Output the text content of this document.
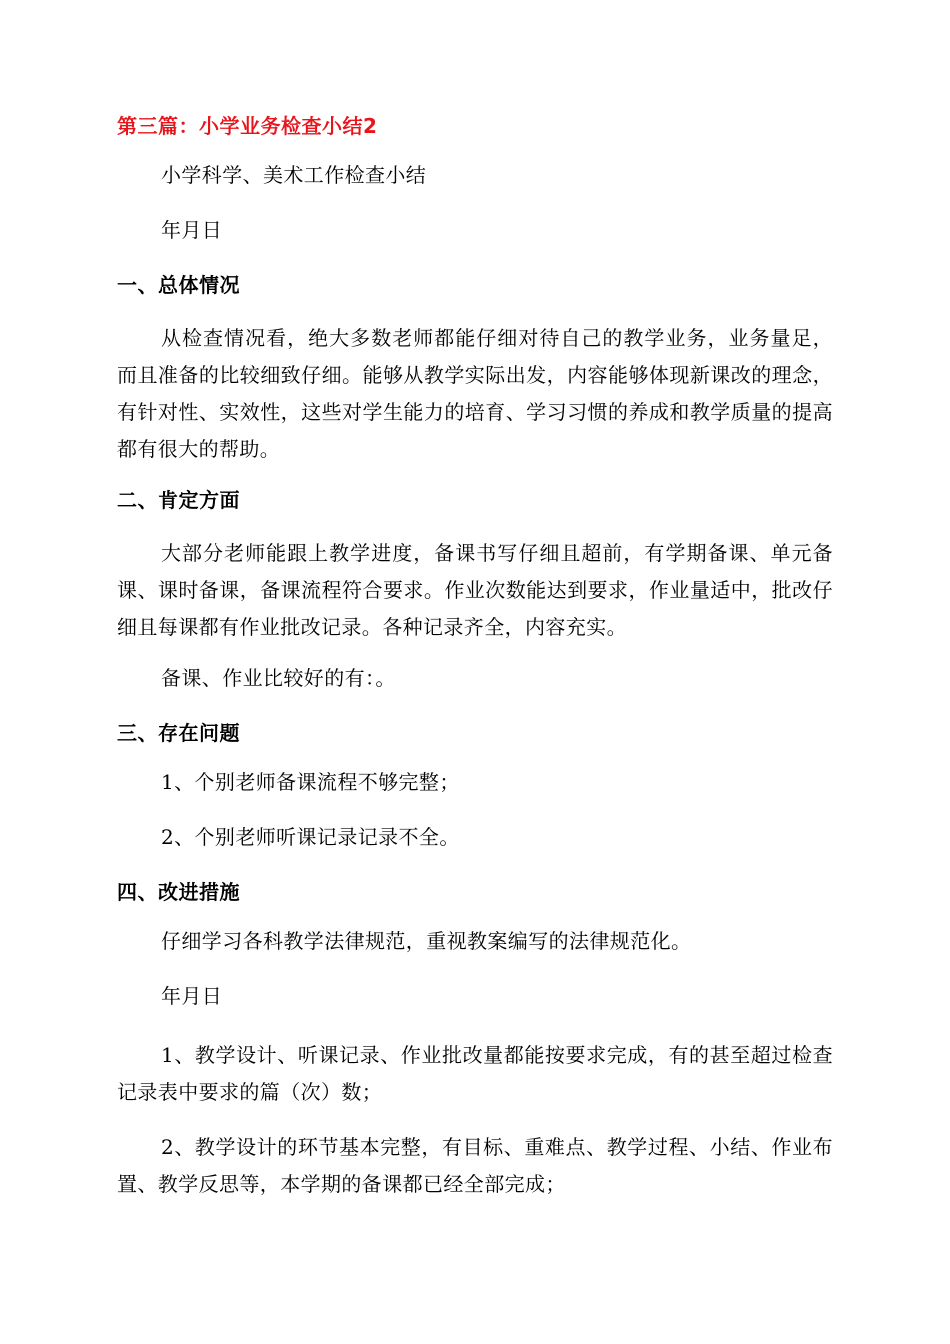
第三篇：小学业务检查小结2

小学科学、美术工作检查小结

年月日

一、总体情况

从检查情况看，绝大多数老师都能仔细对待自己的教学业务，业务量足，而且准备的比较细致仔细。能够从教学实际出发，内容能够体现新课改的理念，有针对性、实效性，这些对学生能力的培育、学习习惯的养成和教学质量的提高都有很大的帮助。

二、肯定方面

大部分老师能跟上教学进度，备课书写仔细且超前，有学期备课、单元备课、课时备课，备课流程符合要求。作业次数能达到要求，作业量适中，批改仔细且每课都有作业批改记录。各种记录齐全，内容充实。

备课、作业比较好的有：。

三、存在问题

1、个别老师备课流程不够完整；

2、个别老师听课记录记录不全。

四、改进措施

仔细学习各科教学法律规范，重视教案编写的法律规范化。

年月日

1、教学设计、听课记录、作业批改量都能按要求完成，有的甚至超过检查记录表中要求的篇（次）数；

2、教学设计的环节基本完整，有目标、重难点、教学过程、小结、作业布置、教学反思等，本学期的备课都已经全部完成；
